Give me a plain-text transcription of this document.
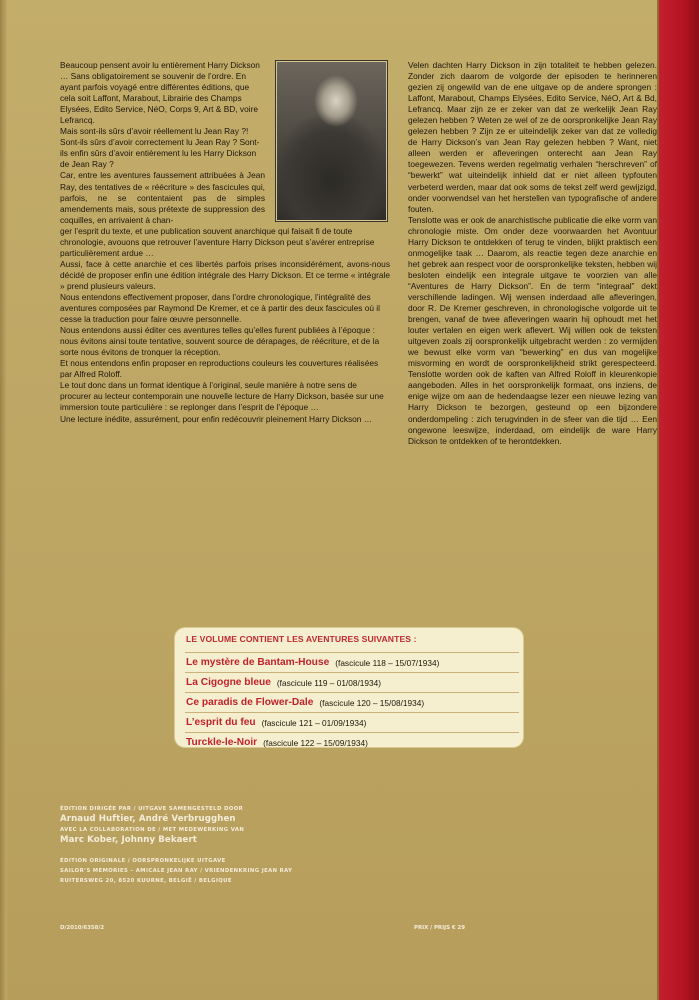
Beaucoup pensent avoir lu entièrement Harry Dickson … Sans obligatoirement se souvenir de l’ordre. En ayant parfois voyagé entre différentes éditions, que cela soit Laffont, Marabout, Librairie des Champs Elysées, Edito Service, NéO, Corps 9, Art & BD, voire Lefrancq.

Mais sont-ils sûrs d’avoir réellement lu Jean Ray ?! Sont-ils sûrs d’avoir correctement lu Jean Ray ? Sont-ils enfin sûrs d’avoir entièrement lu les Harry Dickson de Jean Ray ?

Car, entre les aventures faussement attribuées à Jean Ray, des tentatives de « réécriture » des fascicules qui, parfois, ne se contentaient pas de simples amendements mais, sous prétexte de suppression des coquilles, en arrivaient à chan-

ger l’esprit du texte, et une publication souvent anarchique qui faisait fi de toute chronologie, avouons que retrouver l’aventure Harry Dickson peut s’avérer entreprise particulièrement ardue …

Aussi, face à cette anarchie et ces libertés parfois prises inconsidérément, avons-nous décidé de proposer enfin une édition intégrale des Harry Dickson. Et ce terme « intégrale » prend plusieurs valeurs.

Nous entendons effectivement proposer, dans l’ordre chronologique, l’intégralité des aventures composées par Raymond De Kremer, et ce à partir des deux fascicules où il cesse la traduction pour faire œuvre personnelle.

Nous entendons aussi éditer ces aventures telles qu’elles furent publiées à l’époque : nous évitons ainsi toute tentative, souvent source de dérapages, de réécriture, et de la sorte nous évitons de tronquer la réception.

Et nous entendons enfin proposer en reproductions couleurs les couvertures réalisées par Alfred Roloff.

Le tout donc dans un format identique à l’original, seule manière à notre sens de procurer au lecteur contemporain une nouvelle lecture de Harry Dickson, basée sur une immersion toute particulière : se replonger dans l’esprit de l’époque …

Une lecture inédite, assurément, pour enfin redécouvrir pleinement Harry Dickson …

Velen dachten Harry Dickson in zijn totaliteit te hebben gelezen. Zonder zich daarom de volgorde der episoden te herinneren gezien zij ongewild van de ene uitgave op de andere sprongen : Laffont, Marabout, Champs Elysées, Edito Service, NéO, Art & Bd, Lefrancq. Maar zijn ze er zeker van dat ze werkelijk Jean Ray gelezen hebben ? Weten ze wel of ze de oorspronkelijke Jean Ray gelezen hebben ? Zijn ze er uiteindelijk zeker van dat ze volledig de Harry Dickson’s van Jean Ray gelezen hebben ? Want, niet alleen werden er afleveringen onterecht aan Jean Ray toegewezen. Tevens werden regelmatig verhalen “herschreven” of “bewerkt” wat uiteindelijk inhield dat er niet alleen typfouten verbeterd werden, maar dat ook soms de tekst zelf werd gewijzigd, onder voorwendsel van het herstellen van typografische of andere fouten.

Tenslotte was er ook de anarchistische publicatie die elke vorm van chronologie miste. Om onder deze voorwaarden het Avontuur Harry Dickson te ontdekken of terug te vinden, blijkt praktisch een onmogelijke taak … Daarom, als reactie tegen deze anarchie en het gebrek aan respect voor de oorspronkelijke teksten, hebben wij besloten eindelijk een integrale uitgave te voorzien van alle “Aventures de Harry Dickson”. En de term “integraal” dekt verschillende ladingen. Wij wensen inderdaad alle afleveringen, door R. De Kremer geschreven, in chronologische volgorde uit te brengen, vanaf de twee afleveringen waarin hij ophoudt met het louter vertalen en eigen werk aflevert. Wij willen ook de teksten uitgeven zoals zij oorspronkelijk uitgebracht werden : zo vermijden we bewust elke vorm van “bewerking” en dus van mogelijke misvorming en wordt de oorspronkelijkheid strikt gerespecteerd. Tenslotte worden ook de kaften van Alfred Roloff in kleurenkopie aangeboden. Alles in het oorspronkelijk formaat, ons inziens, de enige wijze om aan de hedendaagse lezer een nieuwe lezing van Harry Dickson te bezorgen, gesteund op een bijzondere onderdompeling : zich terugvinden in de sfeer van die tijd … Een ongewone leeswijze, inderdaad, om eindelijk de ware Harry Dickson te ontdekken of te herontdekken.

LE VOLUME CONTIENT LES AVENTURES SUIVANTES :
Le mystère de Bantam-House (fascicule 118 – 15/07/1934)
La Cigogne bleue (fascicule 119 – 01/08/1934)
Ce paradis de Flower-Dale (fascicule 120 – 15/08/1934)
L’esprit du feu (fascicule 121 – 01/09/1934)
Turckle-le-Noir (fascicule 122 – 15/09/1934)
ÉDITION DIRIGÉE PAR / UITGAVE SAMENGESTELD DOOR
Arnaud Huftier, André Verbrugghen
AVEC LA COLLABORATION DE / MET MEDEWERKING VAN
Marc Kober, Johnny Bekaert
ÉDITION ORIGINALE / OORSPRONKELIJKE UITGAVE
SAILOR’S MEMORIES – AMICALE JEAN RAY / VRIENDENKRING JEAN RAY
RUITERSWEG 20, 8520 KUURNE, BELGIË / BELGIQUE
D/2010/6358/2	PRIX / PRIJS € 29
